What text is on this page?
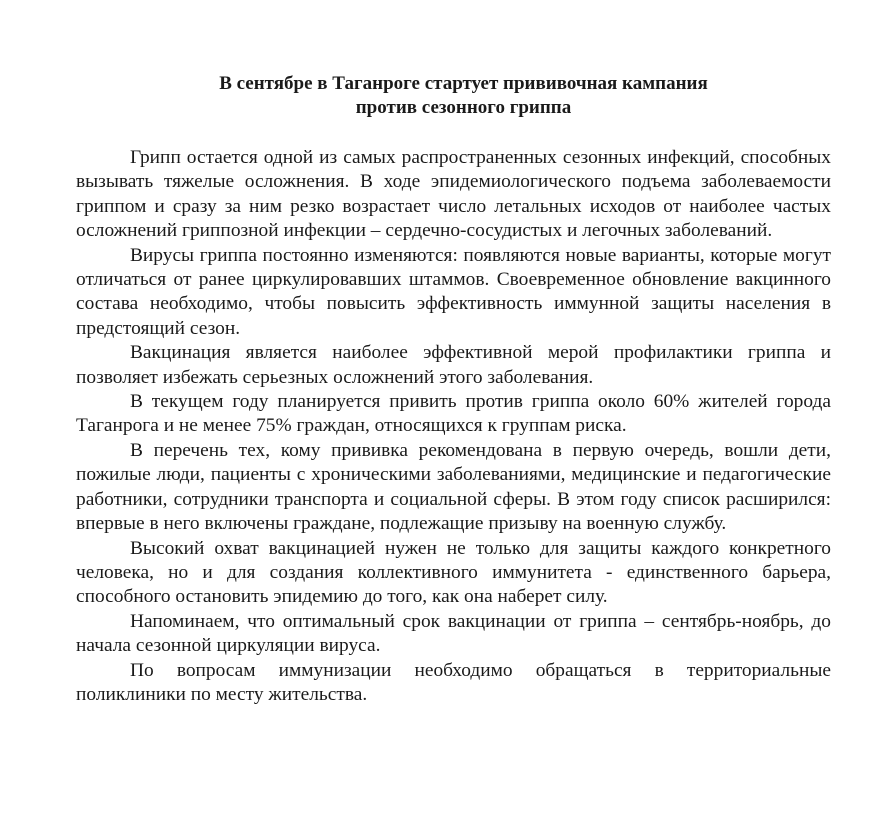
В сентябре в Таганроге стартует прививочная кампания
против сезонного гриппа

Грипп остается одной из самых распространенных сезонных инфекций, способных вызывать тяжелые осложнения. В ходе эпидемиологического подъема заболеваемости гриппом и сразу за ним резко возрастает число летальных исходов от наиболее частых осложнений гриппозной инфекции – сердечно-сосудистых и легочных заболеваний.

Вирусы гриппа постоянно изменяются: появляются новые варианты, которые могут отличаться от ранее циркулировавших штаммов. Своевременное обновление вакцинного состава необходимо, чтобы повысить эффективность иммунной защиты населения в предстоящий сезон.

Вакцинация является наиболее эффективной мерой профилактики гриппа и позволяет избежать серьезных осложнений этого заболевания.

В текущем году планируется привить против гриппа около 60% жителей города Таганрога и не менее 75% граждан, относящихся к группам риска.

В перечень тех, кому прививка рекомендована в первую очередь, вошли дети, пожилые люди, пациенты с хроническими заболеваниями, медицинские и педагогические работники, сотрудники транспорта и социальной сферы. В этом году список расширился: впервые в него включены граждане, подлежащие призыву на военную службу.

Высокий охват вакцинацией нужен не только для защиты каждого конкретного человека, но и для создания коллективного иммунитета - единственного барьера, способного остановить эпидемию до того, как она наберет силу.

Напоминаем, что оптимальный срок вакцинации от гриппа – сентябрь-ноябрь, до начала сезонной циркуляции вируса.

По вопросам иммунизации необходимо обращаться в территориальные поликлиники по месту жительства.
